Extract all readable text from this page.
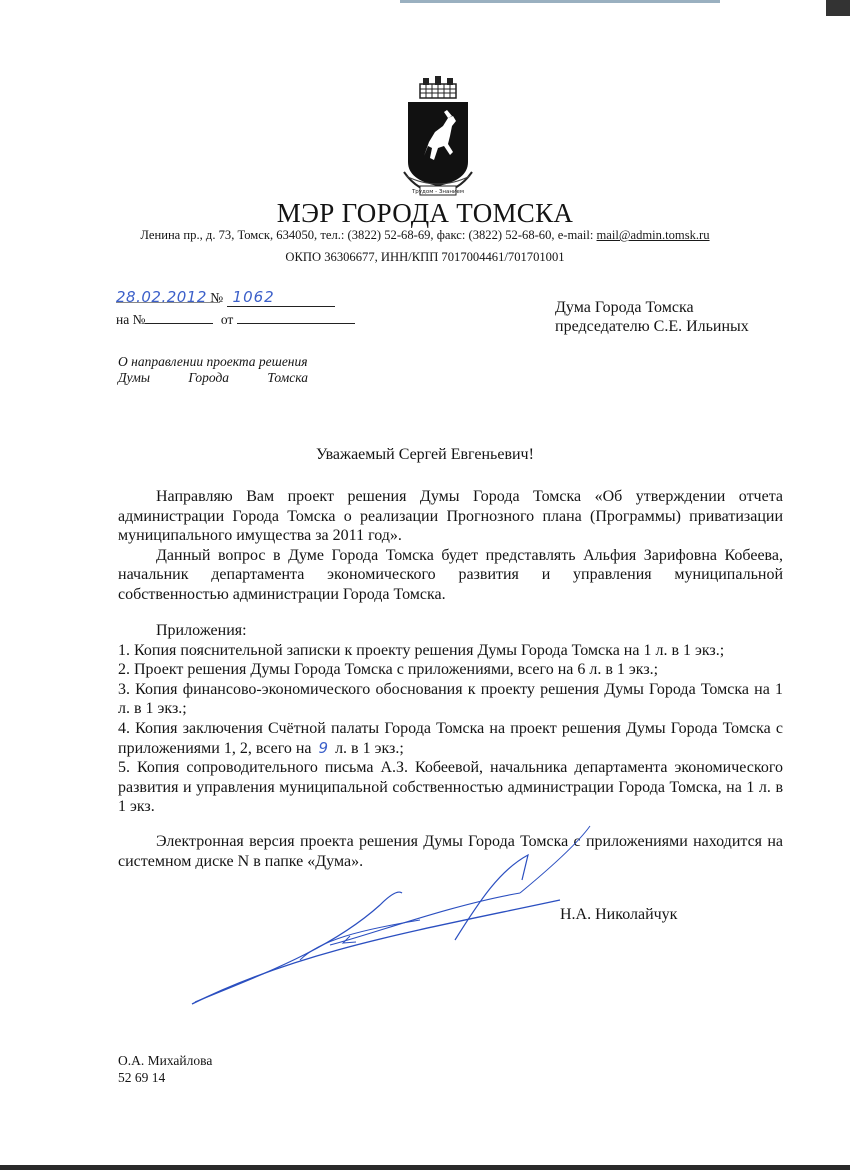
Трудом - Знанием
МЭР ГОРОДА ТОМСКА
Ленина пр., д. 73, Томск, 634050, тел.: (3822) 52-68-69, факс: (3822) 52-68-60, e-mail: mail@admin.tomsk.ru
ОКПО 36306677, ИНН/КПП 7017004461/701701001
28.02.2012 № 1062
на №	от
Дума Города Томска
председателю С.Е. Ильиных
О направлении проекта решения
Думы	Города	Томска
Уважаемый Сергей Евгеньевич!

Направляю Вам проект решения Думы Города Томска «Об утверждении отчета администрации Города Томска о реализации Прогнозного плана (Программы) приватизации муниципального имущества за 2011 год».

Данный вопрос в Думе Города Томска будет представлять Альфия Зарифовна Кобеева, начальник департамента экономического развития и управления муниципальной собственностью администрации Города Томска.

Приложения:

1. Копия пояснительной записки к проекту решения Думы Города Томска на 1 л. в 1 экз.;

2. Проект решения Думы Города Томска с приложениями, всего на 6 л. в 1 экз.;

3. Копия финансово-экономического обоснования к проекту решения Думы Города Томска на 1 л. в 1 экз.;

4. Копия заключения Счётной палаты Города Томска на проект решения Думы Города Томска с приложениями 1, 2, всего на 9 л. в 1 экз.;

5. Копия сопроводительного письма А.З. Кобеевой, начальника департамента экономического развития и управления муниципальной собственностью администрации Города Томска, на 1 л. в 1 экз.

Электронная версия проекта решения Думы Города Томска с приложениями находится на системном диске N в папке «Дума».

Н.А. Николайчук
О.А. Михайлова
52 69 14
